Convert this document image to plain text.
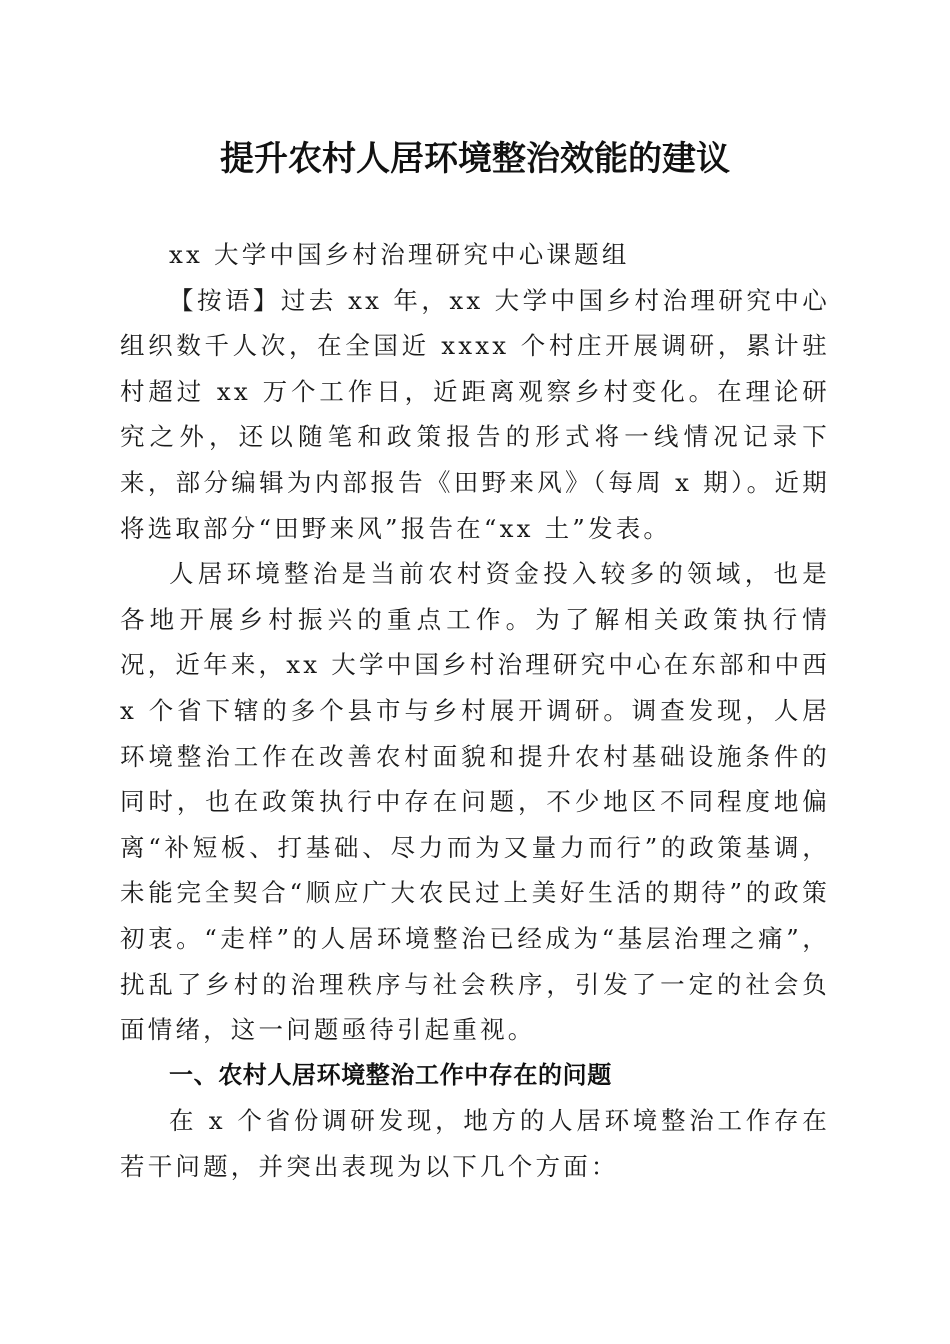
提升农村人居环境整治效能的建议

xx 大学中国乡村治理研究中心课题组

【按语】过去 xx 年，xx 大学中国乡村治理研究中心组织数千人次，在全国近 xxxx 个村庄开展调研，累计驻村超过 xx 万个工作日，近距离观察乡村变化。在理论研究之外，还以随笔和政策报告的形式将一线情况记录下来，部分编辑为内部报告《田野来风》（每周 x 期）。近期将选取部分“田野来风”报告在“xx 土”发表。

人居环境整治是当前农村资金投入较多的领域，也是各地开展乡村振兴的重点工作。为了解相关政策执行情况，近年来，xx 大学中国乡村治理研究中心在东部和中西 x 个省下辖的多个县市与乡村展开调研。调查发现，人居环境整治工作在改善农村面貌和提升农村基础设施条件的同时，也在政策执行中存在问题，不少地区不同程度地偏离“补短板、打基础、尽力而为又量力而行”的政策基调，未能完全契合“顺应广大农民过上美好生活的期待”的政策初衷。“走样”的人居环境整治已经成为“基层治理之痛”，扰乱了乡村的治理秩序与社会秩序，引发了一定的社会负面情绪，这一问题亟待引起重视。

一、农村人居环境整治工作中存在的问题

在 x 个省份调研发现，地方的人居环境整治工作存在若干问题，并突出表现为以下几个方面：
